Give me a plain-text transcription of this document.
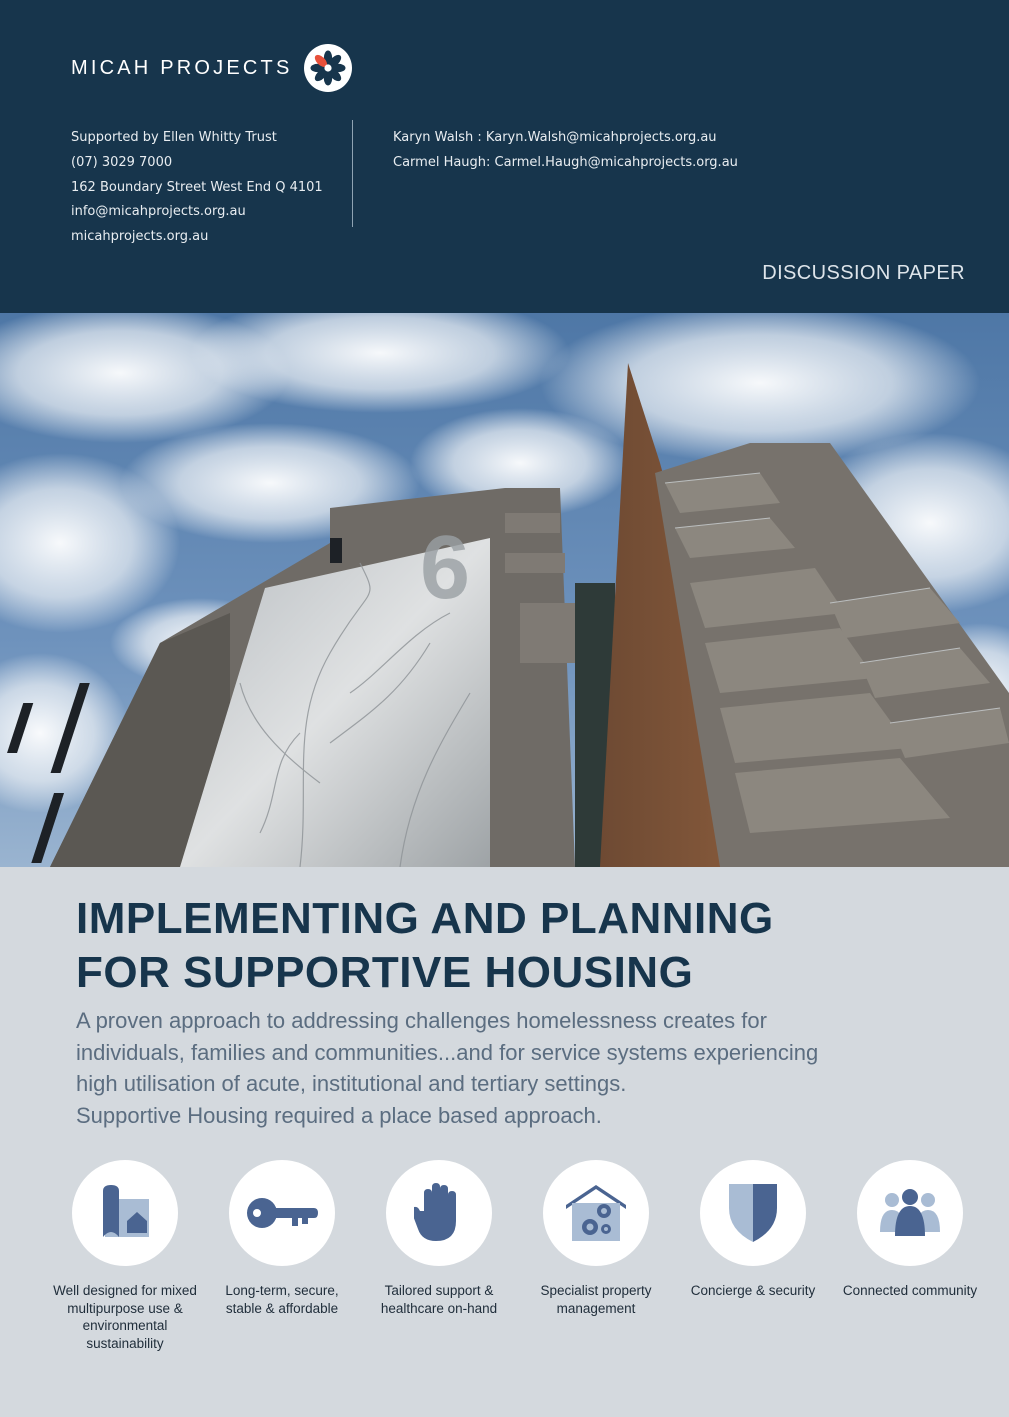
MICAH PROJECTS
Supported by Ellen Whitty Trust
(07) 3029 7000
162 Boundary Street West End Q 4101
info@micahprojects.org.au
micahprojects.org.au
Karyn Walsh : Karyn.Walsh@micahprojects.org.au
Carmel Haugh: Carmel.Haugh@micahprojects.org.au
DISCUSSION PAPER
6
IMPLEMENTING AND PLANNING
FOR SUPPORTIVE HOUSING
A proven approach to addressing challenges homelessness creates for
individuals, families and communities...and for service systems experiencing
high utilisation of acute, institutional and tertiary settings.
Supportive Housing required a place based approach.
Well designed for mixed multipurpose use & environmental sustainability
Long-term, secure, stable & affordable
Tailored support & healthcare on-hand
Specialist property management
Concierge & security	Connected community
